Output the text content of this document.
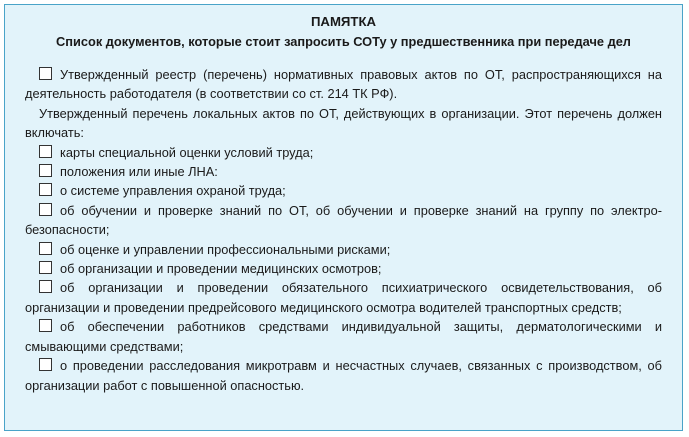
ПАМЯТКА

Список документов, которые стоит запросить СОТу у предшественника при передаче дел

Утвержденный реестр (перечень) нормативных правовых актов по ОТ, распространяющихся на деятельность работодателя (в соответствии со ст. 214 ТК РФ).

Утвержденный перечень локальных актов по ОТ, действующих в организации. Этот перечень должен включать:

карты специальной оценки условий труда;

положения или иные ЛНА:

о системе управления охраной труда;

об обучении и проверке знаний по ОТ, об обучении и проверке знаний на группу по электро-безопасности;

об оценке и управлении профессиональными рисками;

об организации и проведении медицинских осмотров;

об организации и проведении обязательного психиатрического освидетельствования, об организации и проведении предрейсового медицинского осмотра водителей транспортных средств;

об обеспечении работников средствами индивидуальной защиты, дерматологическими и смывающими средствами;

о проведении расследования микротравм и несчастных случаев, связанных с производством, об организации работ с повышенной опасностью.
